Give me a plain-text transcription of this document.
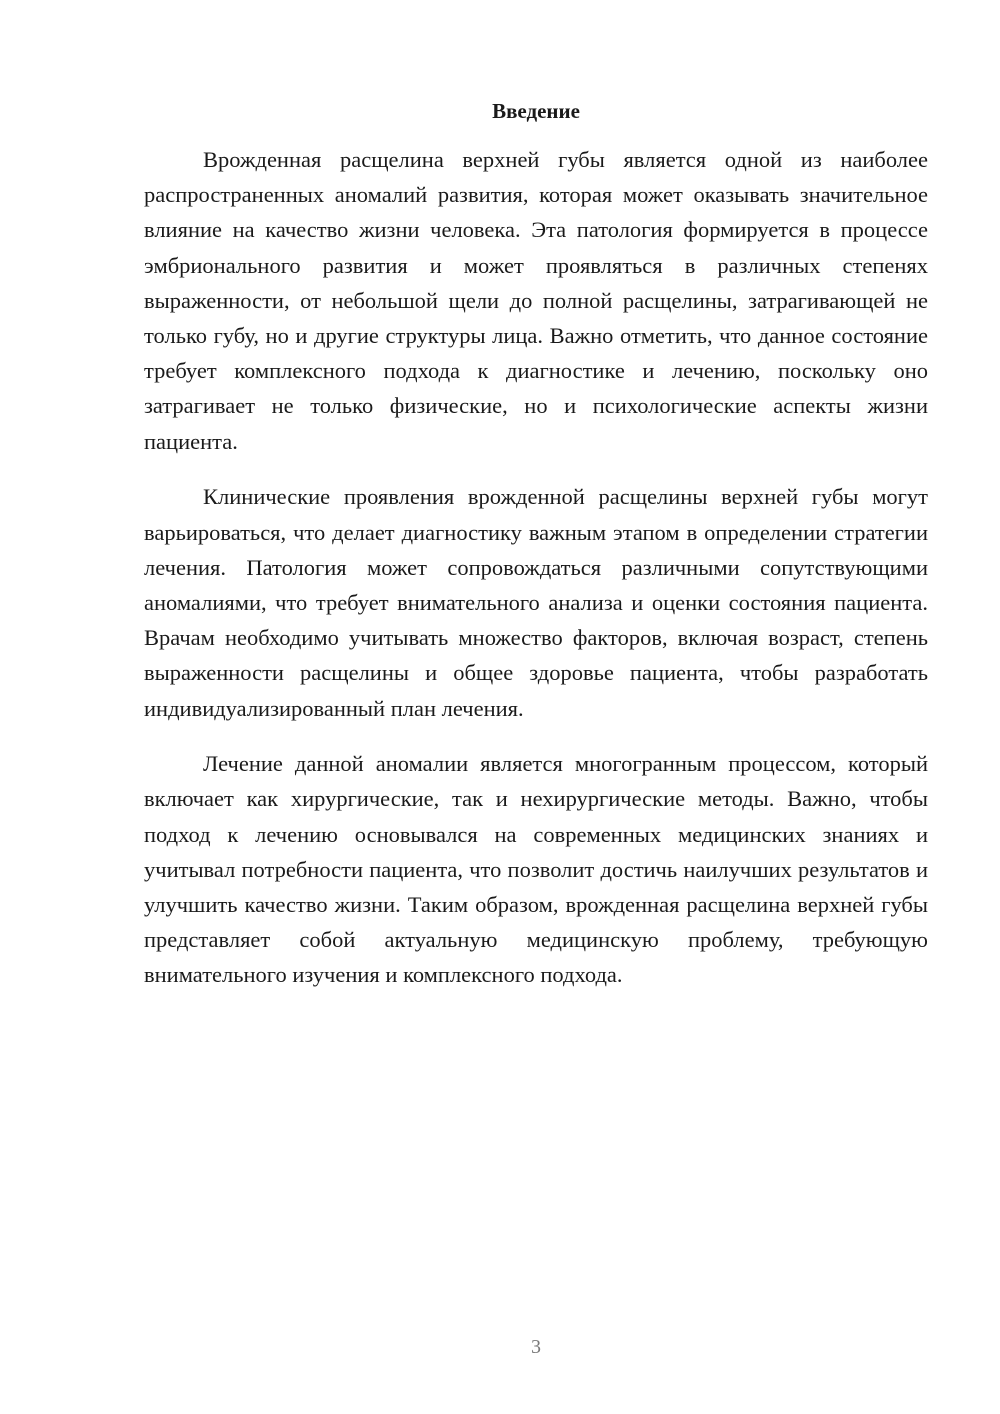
Введение

Врожденная расщелина верхней губы является одной из наиболее распространенных аномалий развития, которая может оказывать значительное влияние на качество жизни человека. Эта патология формируется в процессе эмбрионального развития и может проявляться в различных степенях выраженности, от небольшой щели до полной расщелины, затрагивающей не только губу, но и другие структуры лица. Важно отметить, что данное состояние требует комплексного подхода к диагностике и лечению, поскольку оно затрагивает не только физические, но и психологические аспекты жизни пациента.

Клинические проявления врожденной расщелины верхней губы могут варьироваться, что делает диагностику важным этапом в определении стратегии лечения. Патология может сопровождаться различными сопутствующими аномалиями, что требует внимательного анализа и оценки состояния пациента. Врачам необходимо учитывать множество факторов, включая возраст, степень выраженности расщелины и общее здоровье пациента, чтобы разработать индивидуализированный план лечения.

Лечение данной аномалии является многогранным процессом, который включает как хирургические, так и нехирургические методы. Важно, чтобы подход к лечению основывался на современных медицинских знаниях и учитывал потребности пациента, что позволит достичь наилучших результатов и улучшить качество жизни. Таким образом, врожденная расщелина верхней губы представляет собой актуальную медицинскую проблему, требующую внимательного изучения и комплексного подхода.

3
